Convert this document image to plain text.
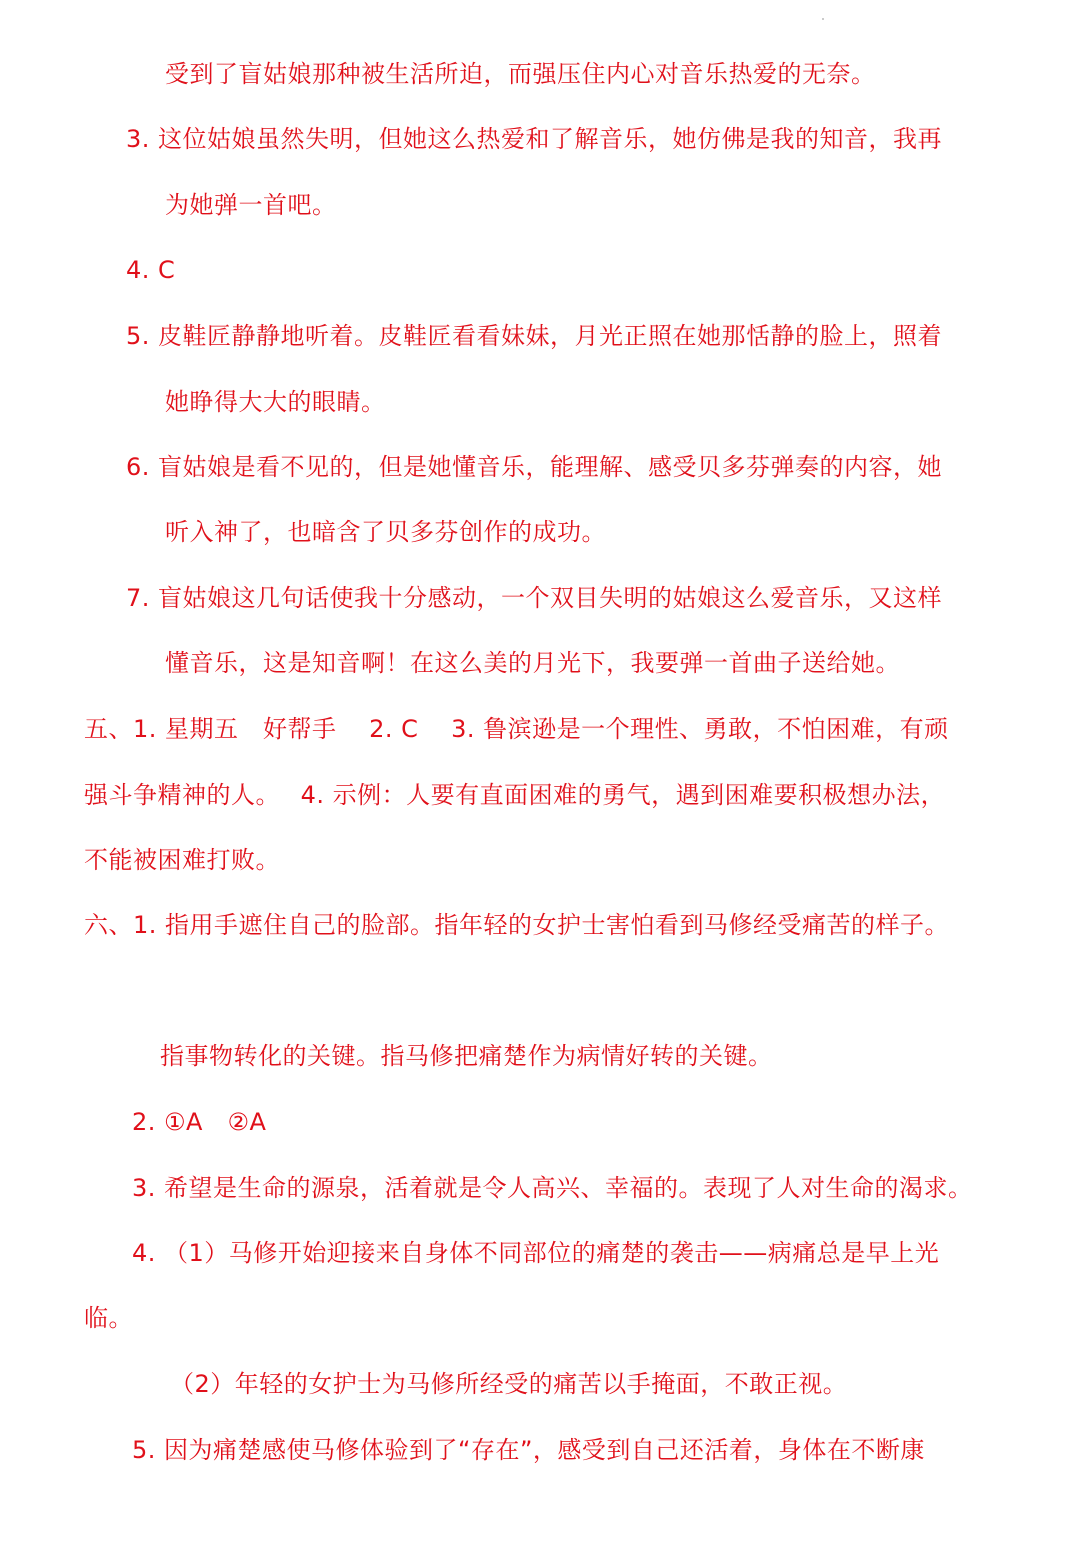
受到了盲姑娘那种被生活所迫，而强压住内心对音乐热爱的无奈。
3. 这位姑娘虽然失明，但她这么热爱和了解音乐，她仿佛是我的知音，我再
为她弹一首吧。
4. C
5. 皮鞋匠静静地听着。皮鞋匠看看妹妹，月光正照在她那恬静的脸上，照着
她睁得大大的眼睛。
6. 盲姑娘是看不见的，但是她懂音乐，能理解、感受贝多芬弹奏的内容，她
听入神了，也暗含了贝多芬创作的成功。
7. 盲姑娘这几句话使我十分感动，一个双目失明的姑娘这么爱音乐，又这样
懂音乐，这是知音啊！在这么美的月光下，我要弹一首曲子送给她。
五、1. 星期五　好帮手　 2. C　 3. 鲁滨逊是一个理性、勇敢，不怕困难，有顽
强斗争精神的人。　 4. 示例：人要有直面困难的勇气，遇到困难要积极想办法，
不能被困难打败。
六、1. 指用手遮住自己的脸部。指年轻的女护士害怕看到马修经受痛苦的样子。
指事物转化的关键。指马修把痛楚作为病情好转的关键。
2. ①A　②A
3. 希望是生命的源泉，活着就是令人高兴、幸福的。表现了人对生命的渴求。
4. （1）马修开始迎接来自身体不同部位的痛楚的袭击——病痛总是早上光
临。
（2）年轻的女护士为马修所经受的痛苦以手掩面，不敢正视。
5. 因为痛楚感使马修体验到了“存在”，感受到自己还活着，身体在不断康
